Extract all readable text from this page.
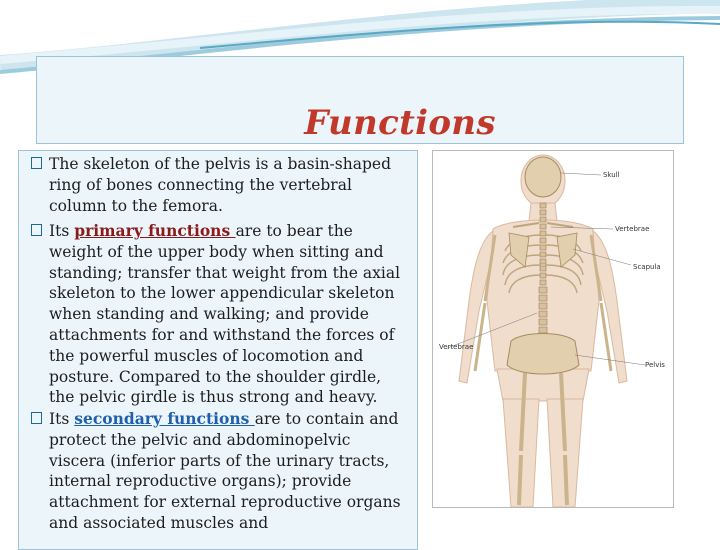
Functions
The skeleton of the pelvis is a basin-shaped ring of bones connecting the vertebral column to the femora.
Its primary functions are to bear the weight of the upper body when sitting and standing; transfer that weight from the axial skeleton to the lower appendicular skeleton when standing and walking; and provide attachments for and withstand the forces of the powerful muscles of locomotion and posture. Compared to the shoulder girdle, the pelvic girdle is thus strong and heavy.
Its secondary functions are to contain and protect the pelvic and abdominopelvic viscera (inferior parts of the urinary tracts, internal reproductive organs); provide attachment for external reproductive organs and associated muscles and
Skull
Vertebrae
Scapula
Vertebrae
Pelvis
